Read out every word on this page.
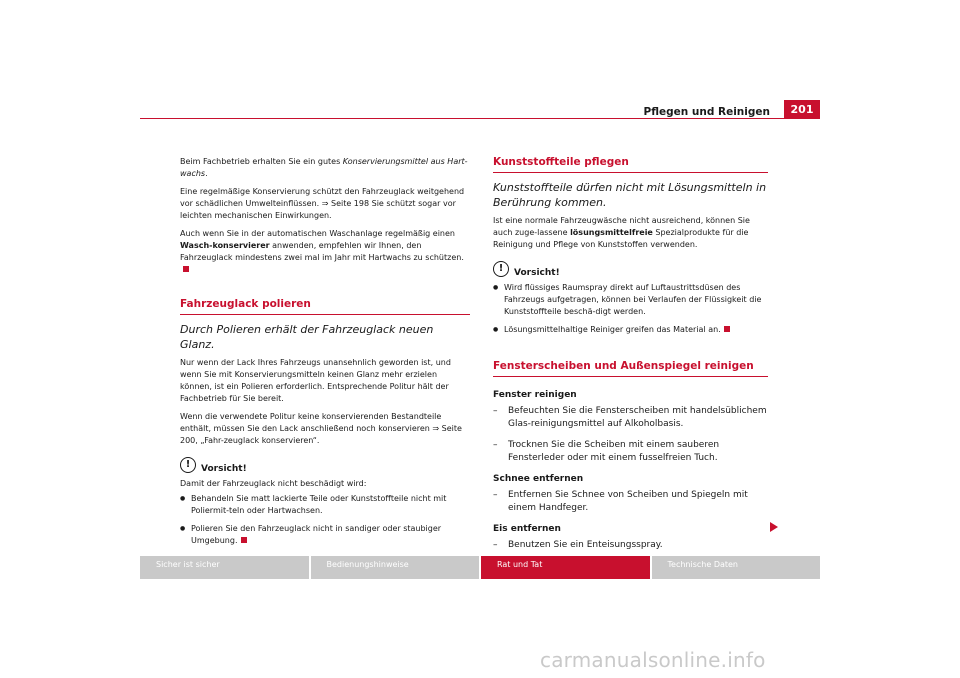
Pflegen und Reinigen	201

Beim Fachbetrieb erhalten Sie ein gutes Konservierungsmittel aus Hart-wachs.

Eine regelmäßige Konservierung schützt den Fahrzeuglack weitgehend vor schädlichen Umwelteinflüssen. ⇒ Seite 198 Sie schützt sogar vor leichten mechanischen Einwirkungen.

Auch wenn Sie in der automatischen Waschanlage regelmäßig einen Wasch-konservierer anwenden, empfehlen wir Ihnen, den Fahrzeuglack mindestens zwei mal im Jahr mit Hartwachs zu schützen.

Fahrzeuglack polieren
Durch Polieren erhält der Fahrzeuglack neuen Glanz.

Nur wenn der Lack Ihres Fahrzeugs unansehnlich geworden ist, und wenn Sie mit Konservierungsmitteln keinen Glanz mehr erzielen können, ist ein Polieren erforderlich. Entsprechende Politur hält der Fachbetrieb für Sie bereit.

Wenn die verwendete Politur keine konservierenden Bestandteile enthält, müssen Sie den Lack anschließend noch konservieren ⇒ Seite 200, „Fahr-zeuglack konservieren“.

!	Vorsicht!

Damit der Fahrzeuglack nicht beschädigt wird:

● Behandeln Sie matt lackierte Teile oder Kunststoffteile nicht mit Poliermit-teln oder Hartwachsen.

● Polieren Sie den Fahrzeuglack nicht in sandiger oder staubiger Umgebung.

Kunststoffteile pflegen
Kunststoffteile dürfen nicht mit Lösungsmitteln in Berührung kommen.

Ist eine normale Fahrzeugwäsche nicht ausreichend, können Sie auch zuge-lassene lösungsmittelfreie Spezialprodukte für die Reinigung und Pflege von Kunststoffen verwenden.

!	Vorsicht!

● Wird flüssiges Raumspray direkt auf Luftaustrittsdüsen des Fahrzeugs aufgetragen, können bei Verlaufen der Flüssigkeit die Kunststoffteile beschä-digt werden.

● Lösungsmittelhaltige Reiniger greifen das Material an.

Fensterscheiben und Außenspiegel reinigen
Fenster reinigen
– Befeuchten Sie die Fensterscheiben mit handelsüblichem Glas-reinigungsmittel auf Alkoholbasis.
– Trocknen Sie die Scheiben mit einem sauberen Fensterleder oder mit einem fusselfreien Tuch.
Schnee entfernen
– Entfernen Sie Schnee von Scheiben und Spiegeln mit einem Handfeger.
Eis entfernen
– Benutzen Sie ein Enteisungsspray.
Sicher ist sicher	Bedienungshinweise	Rat und Tat	Technische Daten
carmanualsonline.info
